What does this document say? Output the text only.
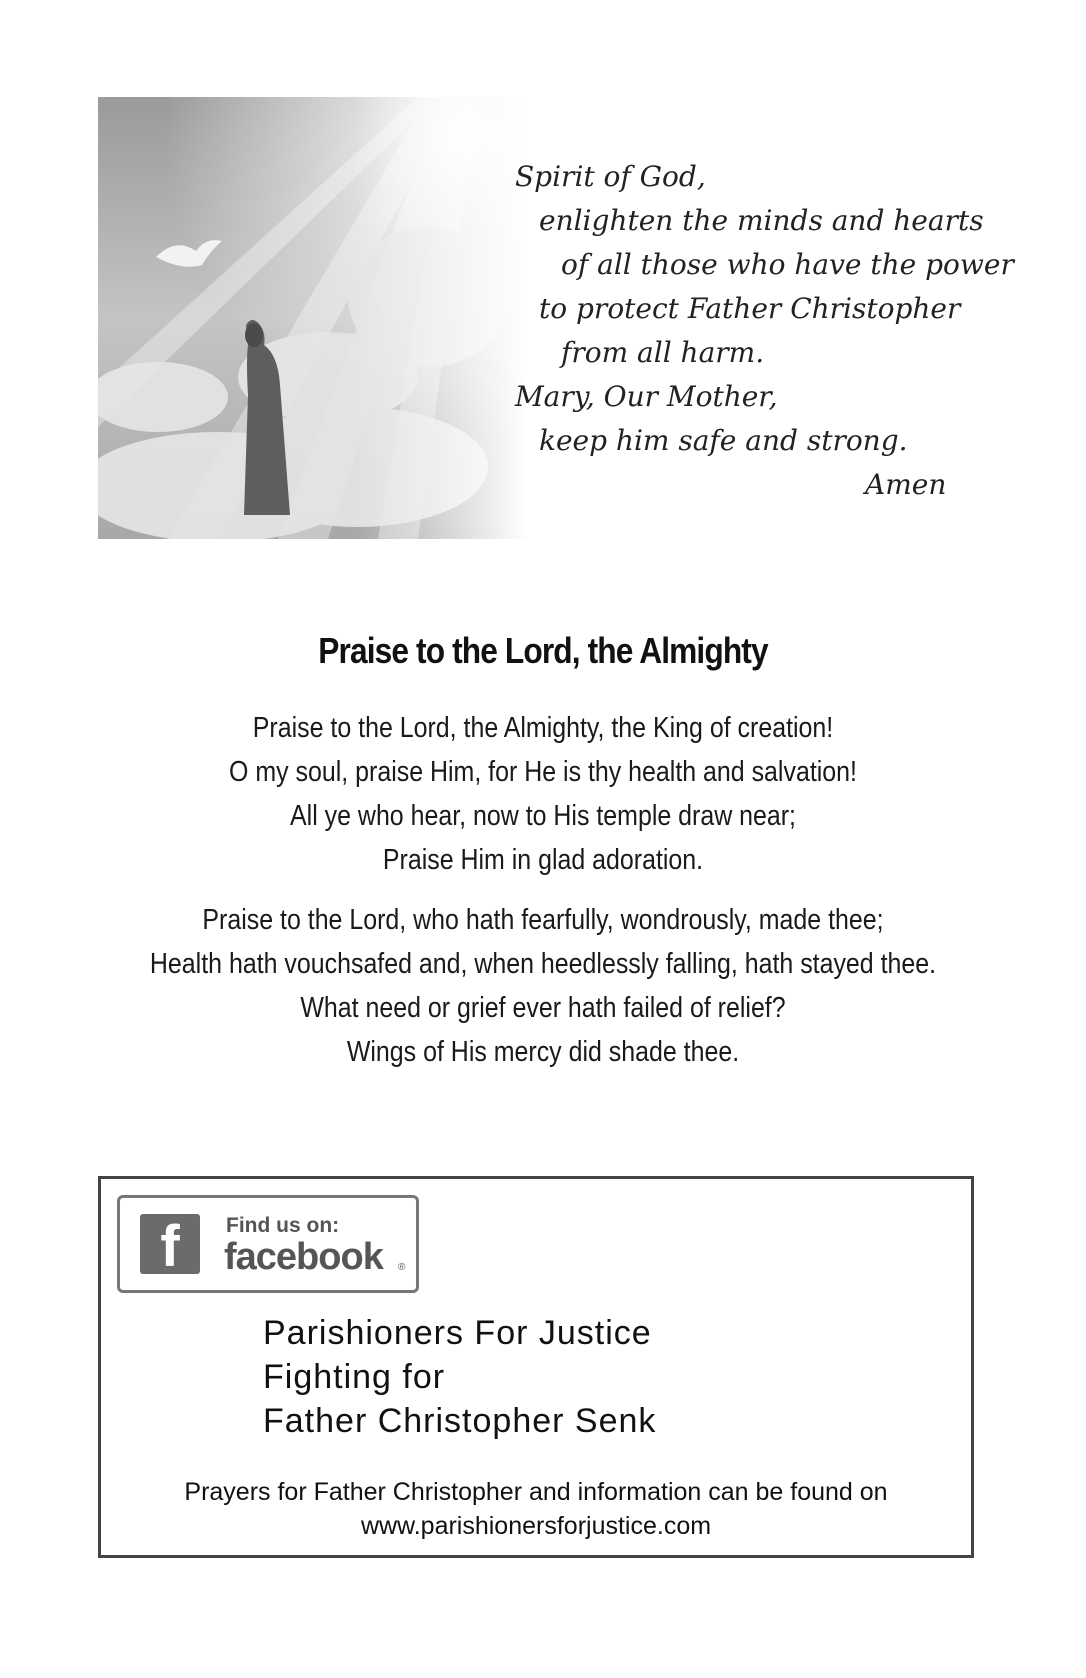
Spirit of God,
enlighten the minds and hearts
of all those who have the power
to protect Father Christopher
from all harm.
Mary, Our Mother,
keep him safe and strong.
Amen
Praise to the Lord, the Almighty
Praise to the Lord, the Almighty, the King of creation!
O my soul, praise Him, for He is thy health and salvation!
All ye who hear, now to His temple draw near;
Praise Him in glad adoration.
Praise to the Lord, who hath fearfully, wondrously, made thee;
Health hath vouchsafed and, when heedlessly falling, hath stayed thee.
What need or grief ever hath failed of relief?
Wings of His mercy did shade thee.
f	Find us on:
facebook ®
Parishioners For Justice
Fighting for
Father Christopher Senk
Prayers for Father Christopher and information can be found on
www.parishionersforjustice.com
